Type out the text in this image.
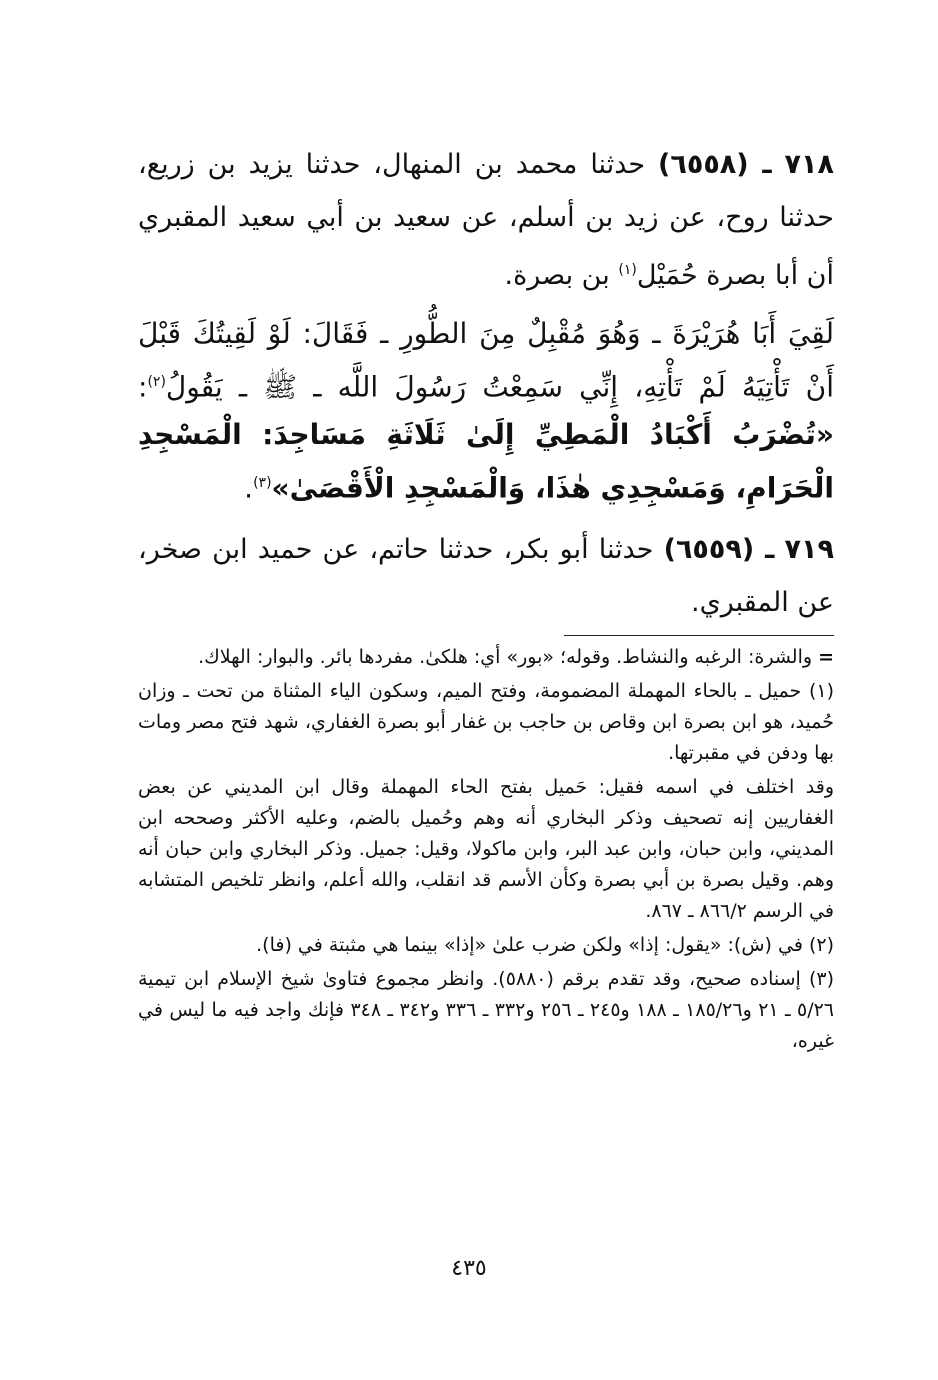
٧١٨ ـ (٦٥٥٨) حدثنا محمد بن المنهال، حدثنا يزيد بن زريع، حدثنا روح، عن زيد بن أسلم، عن سعيد بن أبي سعيد المقبري أن أبا بصرة حُمَيْل$^{(١)}$ بن بصرة.

لَقِيَ أَبَا هُرَيْرَةَ ـ وَهُوَ مُقْبِلٌ مِنَ الطُّورِ ـ فَقَالَ: لَوْ لَقِيتُكَ قَبْلَ أَنْ تَأْتِيَهُ لَمْ تَأْتِهِ، إِنِّي سَمِعْتُ رَسُولَ اللَّه ـ ﷺ ـ يَقُولُ$^{(٢)}$: «تُضْرَبُ أَكْبَادُ الْمَطِيِّ إِلَىٰ ثَلَاثَةِ مَسَاجِدَ: الْمَسْجِدِ الْحَرَامِ، وَمَسْجِدِي هٰذَا، وَالْمَسْجِدِ الْأَقْصَىٰ»$^{(٣)}$.

٧١٩ ـ (٦٥٥٩) حدثنا أبو بكر، حدثنا حاتم، عن حميد ابن صخر، عن المقبري.

= والشرة: الرغبه والنشاط. وقوله؛ «بور» أي: هلكىٰ. مفردها بائر. والبوار: الهلاك.

(١) حميل ـ بالحاء المهملة المضمومة، وفتح الميم، وسكون الياء المثناة من تحت ـ وزان حُميد، هو ابن بصرة ابن وقاص بن حاجب بن غفار أبو بصرة الغفاري، شهد فتح مصر ومات بها ودفن في مقبرتها.

وقد اختلف في اسمه فقيل: حَميل بفتح الحاء المهملة وقال ابن المديني عن بعض الغفاريين إنه تصحيف وذكر البخاري أنه وهم وحُميل بالضم، وعليه الأكثر وصححه ابن المديني، وابن حبان، وابن عبد البر، وابن ماكولا، وقيل: جميل. وذكر البخاري وابن حبان أنه وهم. وقيل بصرة بن أبي بصرة وكأن الأسم قد انقلب، والله أعلم، وانظر تلخيص المتشابه في الرسم ٨٦٦/٢ ـ ٨٦٧.

(٢) في (ش): «يقول: إذا» ولكن ضرب علىٰ «إذا» بينما هي مثبتة في (فا).

(٣) إسناده صحيح، وقد تقدم برقم (٥٨٨٠). وانظر مجموع فتاوىٰ شيخ الإسلام ابن تيمية ٥/٢٦ ـ ٢١ و١٨٥/٢٦ ـ ١٨٨ و٢٤٥ ـ ٢٥٦ و٣٣٢ ـ ٣٣٦ و٣٤٢ ـ ٣٤٨ فإنك واجد فيه ما ليس في غيره،

٤٣٥
